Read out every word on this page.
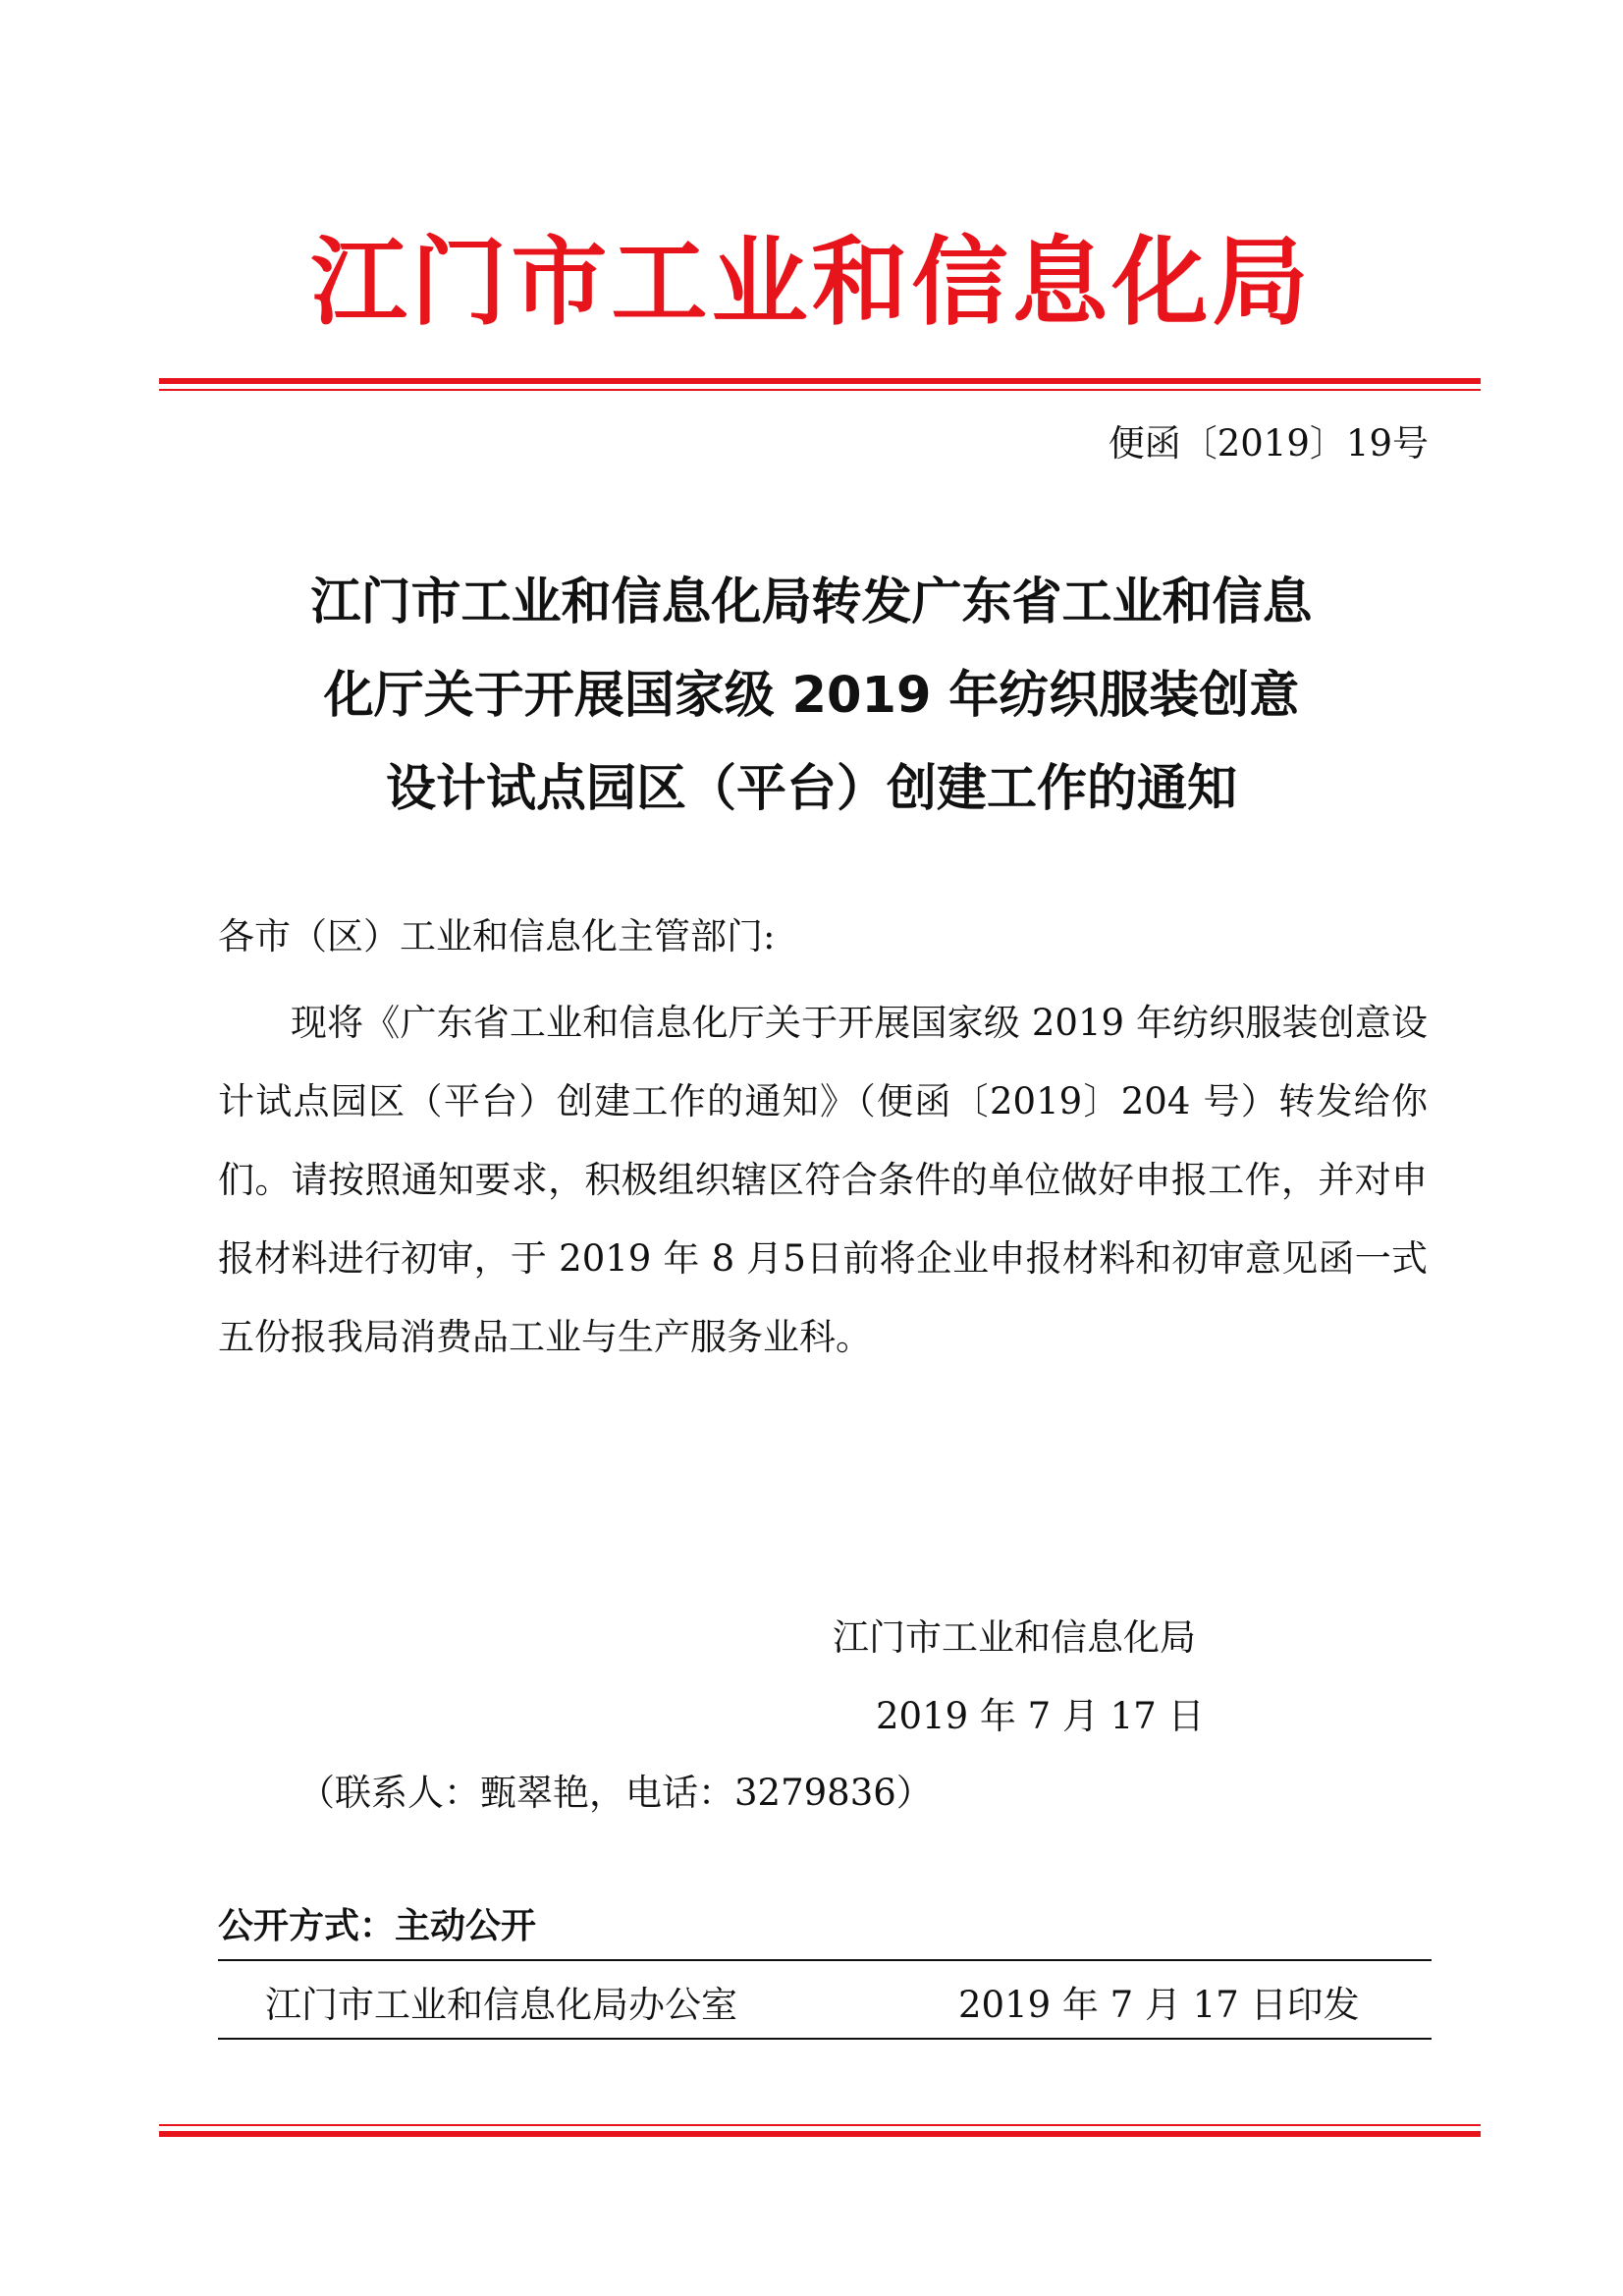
江门市工业和信息化局

便函〔2019〕19号

江门市工业和信息化局转发广东省工业和信息

化厅关于开展国家级 2019 年纺织服装创意

设计试点园区（平台）创建工作的通知

各市（区）工业和信息化主管部门:

现将《广东省工业和信息化厅关于开展国家级 2019 年纺织服装创意设计试点园区（平台）创建工作的通知》（便函〔2019〕204 号）转发给你们。请按照通知要求，积极组织辖区符合条件的单位做好申报工作，并对申报材料进行初审，于 2019 年 8 月5日前将企业申报材料和初审意见函一式五份报我局消费品工业与生产服务业科。

江门市工业和信息化局

2019 年 7 月 17 日

（联系人：甄翠艳，电话：3279836）

公开方式：主动公开

江门市工业和信息化局办公室	2019 年 7 月 17 日印发
